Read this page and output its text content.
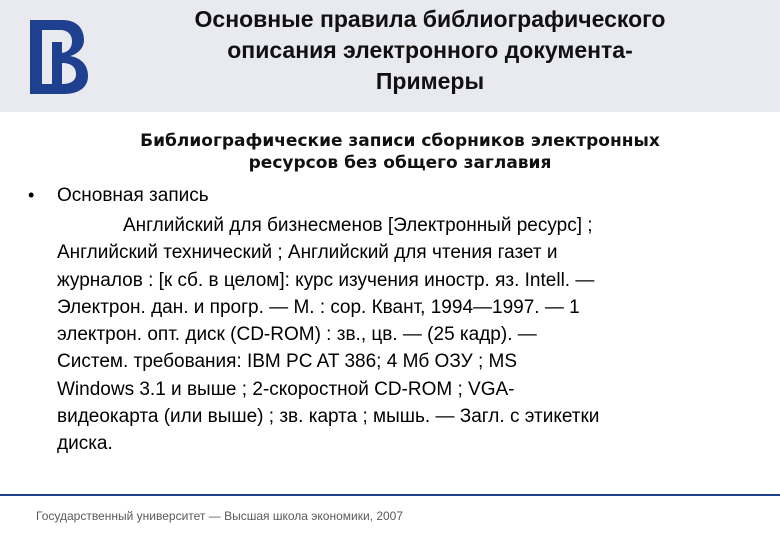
Основные правила библиографического
описания электронного документа-
Примеры
Библиографические записи сборников электронных
ресурсов без общего заглавия
• Основная запись
Английский для бизнесменов [Электронный ресурс] ;
Английский технический ; Английский для чтения газет и
журналов : [к сб. в целом]: курс изучения иностр. яз. Intell. —
Электрон. дан. и прогр. — М. : cop. Квант, 1994—1997. — 1
электрон. опт. диск (CD-ROM) : зв., цв. — (25 кадр). —
Систем. требования: IBM PC AT 386; 4 Мб ОЗУ ; MS
Windows 3.1 и выше ; 2-скоростной CD-ROM ; VGA-
видеокарта (или выше) ; зв. карта ; мышь. — Загл. с этикетки
диска.
Государственный университет — Высшая школа экономики, 2007
